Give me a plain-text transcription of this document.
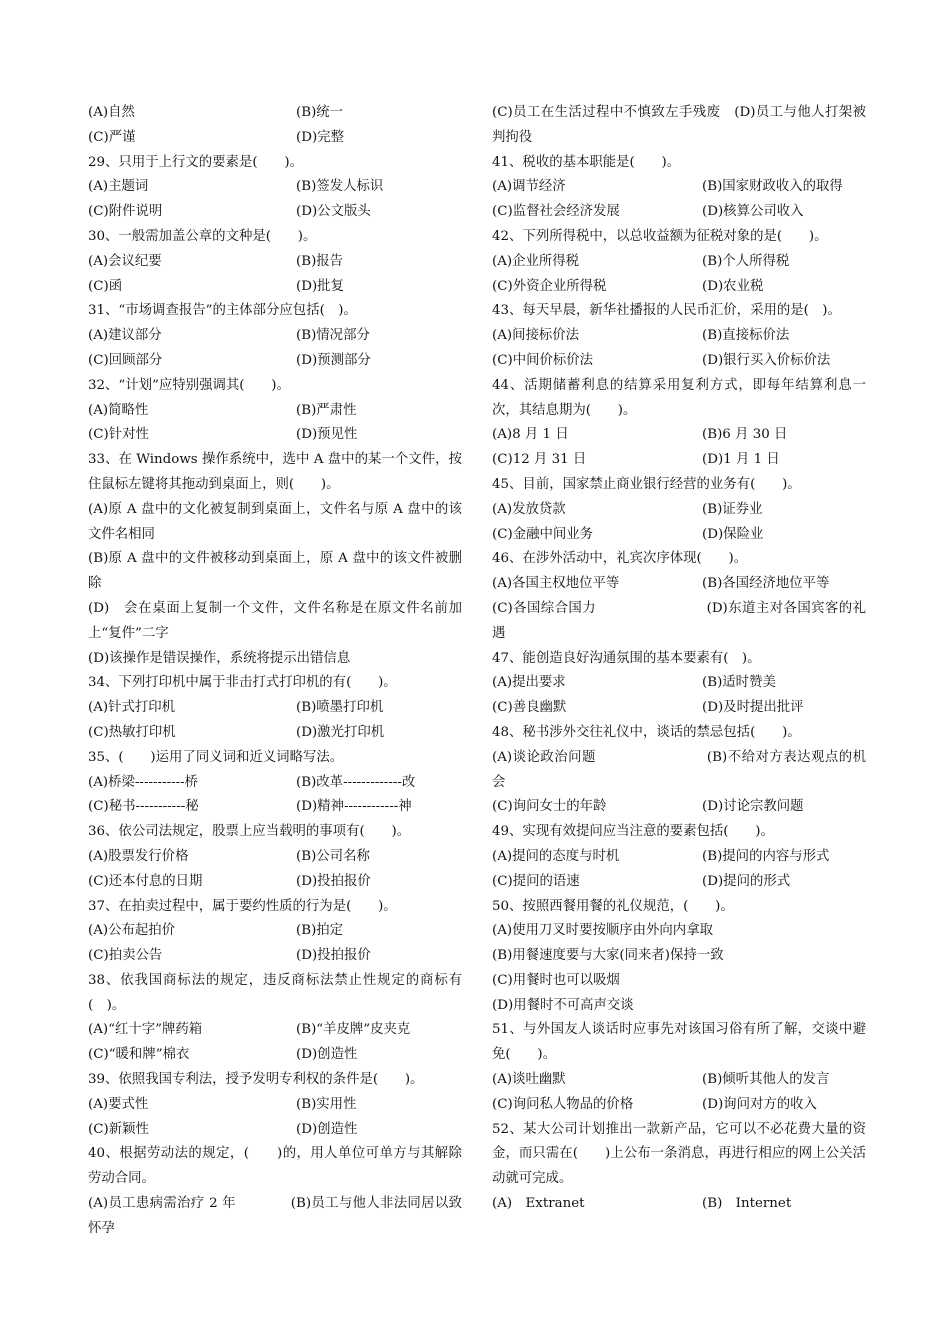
(A)自然	(B)统一
(C)严谨	(D)完整
29、只用于上行文的要素是(　　)。
(A)主题词	(B)签发人标识
(C)附件说明	(D)公文版头
30、一般需加盖公章的文种是(　　)。
(A)会议纪要	(B)报告
(C)函	(D)批复
31、“市场调查报告”的主体部分应包括(　)。
(A)建议部分	(B)情况部分
(C)回顾部分	(D)预测部分
32、“计划”应特别强调其(　　)。
(A)简略性	(B)严肃性
(C)针对性	(D)预见性
33、在 Windows 操作系统中，选中 A 盘中的某一个文件，按住鼠标左键将其拖动到桌面上，则(　　)。
(A)原 A 盘中的文化被复制到桌面上，文件名与原 A 盘中的该文件名相同
(B)原 A 盘中的文件被移动到桌面上，原 A 盘中的该文件被删除
(D)　会在桌面上复制一个文件，文件名称是在原文件名前加上“复件”二字
(D)该操作是错误操作，系统将提示出错信息
34、下列打印机中属于非击打式打印机的有(　　)。
(A)针式打印机	(B)喷墨打印机
(C)热敏打印机	(D)激光打印机
35、(　　)运用了同义词和近义词略写法。
(A)桥梁-----------桥	(B)改革-------------改
(C)秘书-----------秘	(D)精神------------神
36、依公司法规定，股票上应当载明的事项有(　　)。
(A)股票发行价格	(B)公司名称
(C)还本付息的日期	(D)投拍报价
37、在拍卖过程中，属于要约性质的行为是(　　)。
(A)公布起拍价	(B)拍定
(C)拍卖公告	(D)投拍报价
38、依我国商标法的规定，违反商标法禁止性规定的商标有(　)。
(A)“红十字”牌药箱	(B)“羊皮牌”皮夹克
(C)“暖和牌”棉衣	(D)创造性
39、依照我国专利法，授予发明专利权的条件是(　　)。
(A)要式性	(B)实用性
(C)新颖性	(D)创造性
40、根据劳动法的规定，(　　)的，用人单位可单方与其解除劳动合同。
(A)员工患病需治疗 2 年　　　　(B)员工与他人非法同居以致怀孕
(C)员工在生活过程中不慎致左手残废　(D)员工与他人打架被判拘役
41、税收的基本职能是(　　)。
(A)调节经济	(B)国家财政收入的取得
(C)监督社会经济发展	(D)核算公司收入
42、下列所得税中，以总收益额为征税对象的是(　　)。
(A)企业所得税	(B)个人所得税
(C)外资企业所得税	(D)农业税
43、每天早晨，新华社播报的人民币汇价，采用的是(　)。
(A)间接标价法	(B)直接标价法
(C)中间价标价法	(D)银行买入价标价法
44、活期储蓄利息的结算采用复利方式，即每年结算利息一次，其结息期为(　　)。
(A)8 月 1 日	(B)6 月 30 日
(C)12 月 31 日	(D)1 月 1 日
45、目前，国家禁止商业银行经营的业务有(　　)。
(A)发放贷款	(B)证券业
(C)金融中间业务	(D)保险业
46、在涉外活动中，礼宾次序体现(　　)。
(A)各国主权地位平等	(B)各国经济地位平等
(C)各国综合国力　　　　　　　　(D)东道主对各国宾客的礼遇
47、能创造良好沟通氛围的基本要素有(　)。
(A)提出要求	(B)适时赞美
(C)善良幽默	(D)及时提出批评
48、秘书涉外交往礼仪中，谈话的禁忌包括(　　)。
(A)谈论政治问题　　　　　　　　(B)不给对方表达观点的机会
(C)询问女士的年龄	(D)讨论宗教问题
49、实现有效提问应当注意的要素包括(　　)。
(A)提问的态度与时机	(B)提问的内容与形式
(C)提问的语速	(D)提问的形式
50、按照西餐用餐的礼仪规范，(　　)。
(A)使用刀叉时要按顺序由外向内拿取
(B)用餐速度要与大家(同来者)保持一致
(C)用餐时也可以吸烟
(D)用餐时不可高声交谈
51、与外国友人谈话时应事先对该国习俗有所了解，交谈中避免(　　)。
(A)谈吐幽默	(B)倾听其他人的发言
(C)询问私人物品的价格	(D)询问对方的收入
52、某大公司计划推出一款新产品，它可以不必花费大量的资金，而只需在(　　)上公布一条消息，再进行相应的网上公关活动就可完成。
(A)　Extranet	(B)　Internet
